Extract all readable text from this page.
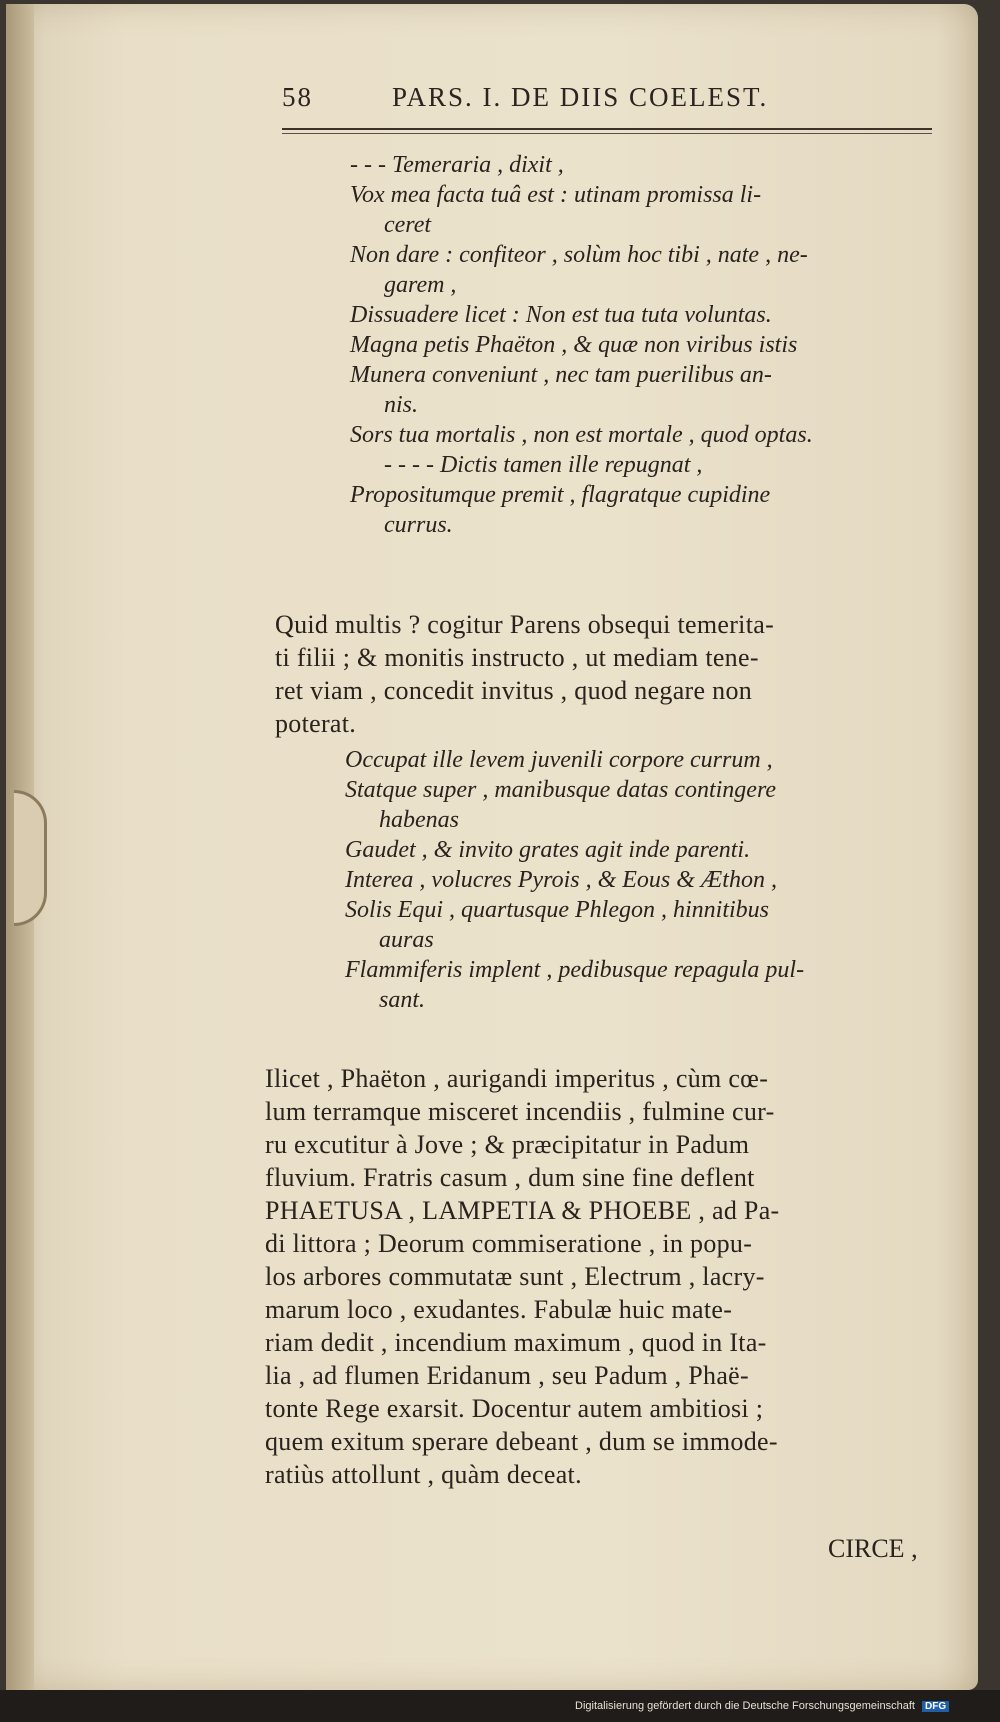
58	PARS. I. DE DIIS COELEST.
- - - Temeraria , dixit ,
Vox mea facta tuâ est : utinam promissa li-
ceret
Non dare : confiteor , solùm hoc tibi , nate , ne-
garem ,
Dissuadere licet : Non est tua tuta voluntas.
Magna petis Phaëton , & quæ non viribus istis
Munera conveniunt , nec tam puerilibus an-
nis.
Sors tua mortalis , non est mortale , quod optas.
- - - - Dictis tamen ille repugnat ,
Propositumque premit , flagratque cupidine
currus.
Quid multis ? cogitur Parens obsequi temerita-
ti filii ; & monitis instructo , ut mediam tene-
ret viam , concedit invitus , quod negare non
poterat.
Occupat ille levem juvenili corpore currum ,
Statque super , manibusque datas contingere
habenas
Gaudet , & invito grates agit inde parenti.
Interea , volucres Pyrois , & Eous & Æthon ,
Solis Equi , quartusque Phlegon , hinnitibus
auras
Flammiferis implent , pedibusque repagula pul-
sant.
Ilicet , Phaëton , aurigandi imperitus , cùm cœ-
lum terramque misceret incendiis , fulmine cur-
ru excutitur à Jove ; & præcipitatur in Padum
fluvium. Fratris casum , dum sine fine deflent
PHAETUSA , LAMPETIA & PHOEBE , ad Pa-
di littora ; Deorum commiseratione , in popu-
los arbores commutatæ sunt , Electrum , lacry-
marum loco , exudantes. Fabulæ huic mate-
riam dedit , incendium maximum , quod in Ita-
lia , ad flumen Eridanum , seu Padum , Phaë-
tonte Rege exarsit. Docentur autem ambitiosi ;
quem exitum sperare debeant , dum se immode-
ratiùs attollunt , quàm deceat.
CIRCE ,
Digitalisierung gefördert durch die Deutsche Forschungsgemeinschaft DFG
